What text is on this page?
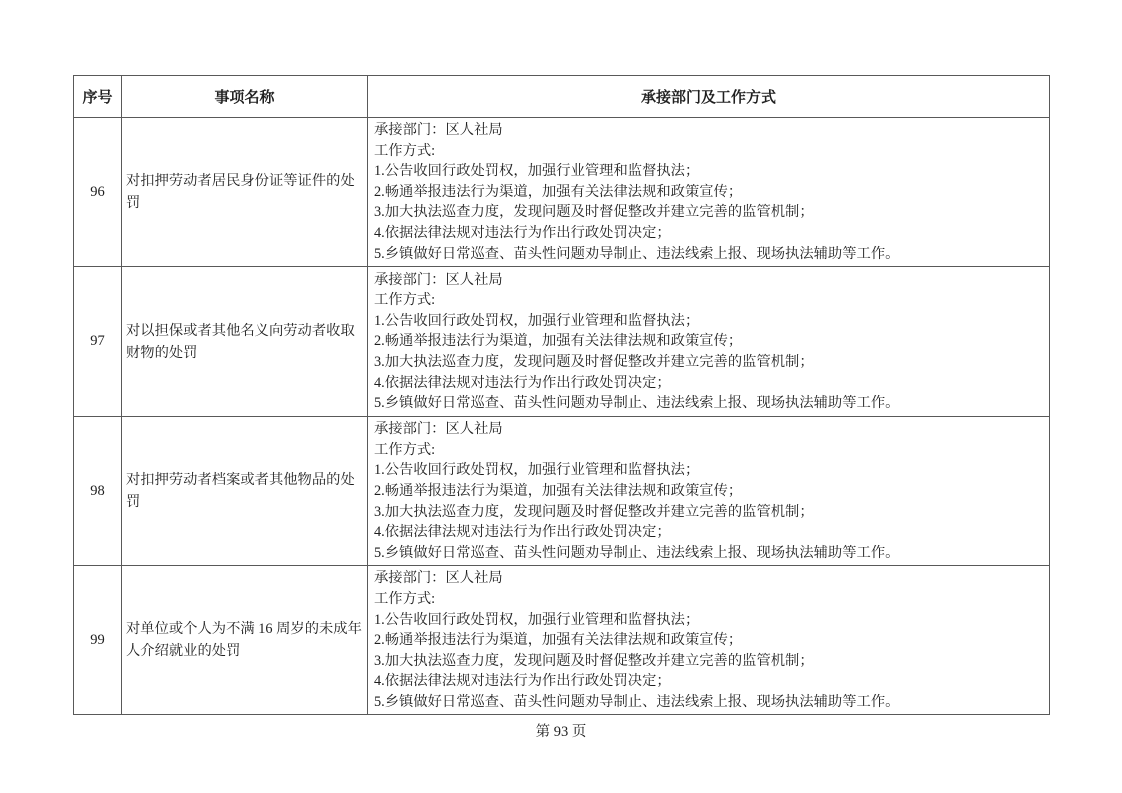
序号	事项名称	承接部门及工作方式
96	对扣押劳动者居民身份证等证件的处罚	
承接部门：区人社局
工作方式:
1.公告收回行政处罚权，加强行业管理和监督执法；
2.畅通举报违法行为渠道，加强有关法律法规和政策宣传；
3.加大执法巡查力度，发现问题及时督促整改并建立完善的监管机制；
4.依据法律法规对违法行为作出行政处罚决定；
5.乡镇做好日常巡查、苗头性问题劝导制止、违法线索上报、现场执法辅助等工作。

97	对以担保或者其他名义向劳动者收取财物的处罚	
承接部门：区人社局
工作方式:
1.公告收回行政处罚权，加强行业管理和监督执法；
2.畅通举报违法行为渠道，加强有关法律法规和政策宣传；
3.加大执法巡查力度，发现问题及时督促整改并建立完善的监管机制；
4.依据法律法规对违法行为作出行政处罚决定；
5.乡镇做好日常巡查、苗头性问题劝导制止、违法线索上报、现场执法辅助等工作。

98	对扣押劳动者档案或者其他物品的处罚	
承接部门：区人社局
工作方式:
1.公告收回行政处罚权，加强行业管理和监督执法；
2.畅通举报违法行为渠道，加强有关法律法规和政策宣传；
3.加大执法巡查力度，发现问题及时督促整改并建立完善的监管机制；
4.依据法律法规对违法行为作出行政处罚决定；
5.乡镇做好日常巡查、苗头性问题劝导制止、违法线索上报、现场执法辅助等工作。

99	对单位或个人为不满 16 周岁的未成年人介绍就业的处罚	
承接部门：区人社局
工作方式:
1.公告收回行政处罚权，加强行业管理和监督执法；
2.畅通举报违法行为渠道，加强有关法律法规和政策宣传；
3.加大执法巡查力度，发现问题及时督促整改并建立完善的监管机制；
4.依据法律法规对违法行为作出行政处罚决定；
5.乡镇做好日常巡查、苗头性问题劝导制止、违法线索上报、现场执法辅助等工作。
第 93 页
